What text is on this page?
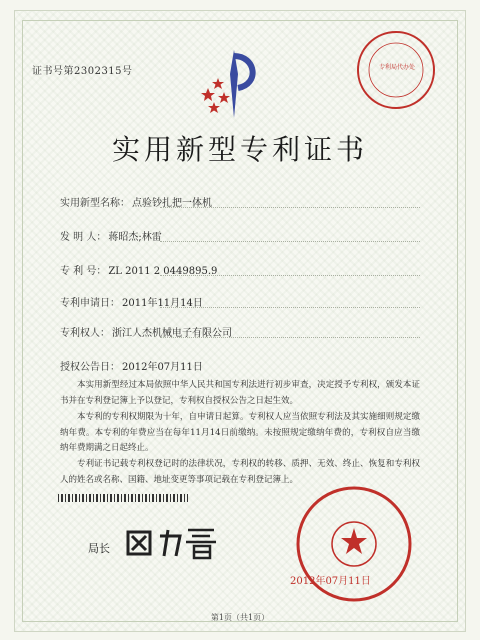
证书号第2302315号	专利局代办处
实用新型专利证书
实用新型名称： 点验钞扎把一体机
发 明 人： 蒋昭杰;林雷
专 利 号： ZL 2011 2 0449895.9
专利申请日： 2011年11月14日
专利权人： 浙江人杰机械电子有限公司
授权公告日： 2012年07月11日
本实用新型经过本局依照中华人民共和国专利法进行初步审查，决定授予专利权，颁发本证书并在专利登记簿上予以登记，专利权自授权公告之日起生效。
本专利的专利权期限为十年，自申请日起算。专利权人应当依照专利法及其实施细则规定缴纳年费。本专利的年费应当在每年11月14日前缴纳。未按照规定缴纳年费的，专利权自应当缴纳年费期满之日起终止。
专利证书记载专利权登记时的法律状况，专利权的转移、质押、无效、终止、恢复和专利权人的姓名或名称、国籍、地址变更等事项记载在专利登记簿上。
局长
2012年07月11日
第1页（共1页）
